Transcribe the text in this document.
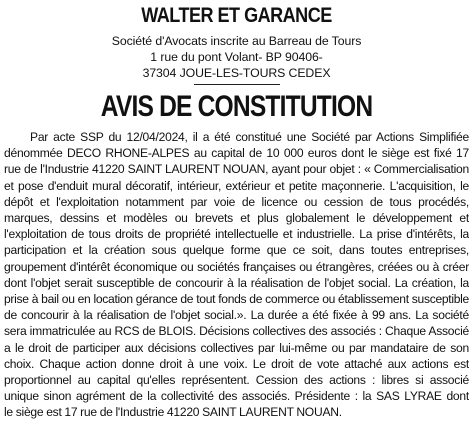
WALTER ET GARANCE
Société d'Avocats inscrite au Barreau de Tours
1 rue du pont Volant- BP 90406-
37304 JOUE-LES-TOURS CEDEX
AVIS DE CONSTITUTION
Par acte SSP du 12/04/2024, il a été constitué une Société par Actions Simplifiée
dénommée DECO RHONE-ALPES au capital de 10 000 euros dont le siège est fixé 17
rue de l'Industrie 41220 SAINT LAURENT NOUAN, ayant pour objet : « Commercialisation
et pose d'enduit mural décoratif, intérieur, extérieur et petite maçonnerie. L'acquisition, le
dépôt et l'exploitation notamment par voie de licence ou cession de tous procédés,
marques, dessins et modèles ou brevets et plus globalement le développement et
l'exploitation de tous droits de propriété intellectuelle et industrielle. La prise d'intérêts, la
participation et la création sous quelque forme que ce soit, dans toutes entreprises,
groupement d'intérêt économique ou sociétés françaises ou étrangères, créées ou à créer
dont l'objet serait susceptible de concourir à la réalisation de l'objet social. La création, la
prise à bail ou en location gérance de tout fonds de commerce ou établissement susceptible
de concourir à la réalisation de l'objet social.». La durée a été fixée à 99 ans. La société
sera immatriculée au RCS de BLOIS. Décisions collectives des associés : Chaque Associé
a le droit de participer aux décisions collectives par lui-même ou par mandataire de son
choix. Chaque action donne droit à une voix. Le droit de vote attaché aux actions est
proportionnel au capital qu'elles représentent. Cession des actions : libres si associé
unique sinon agrément de la collectivité des associés. Présidente : la SAS LYRAE dont
le siège est 17 rue de l'Industrie 41220 SAINT LAURENT NOUAN.
